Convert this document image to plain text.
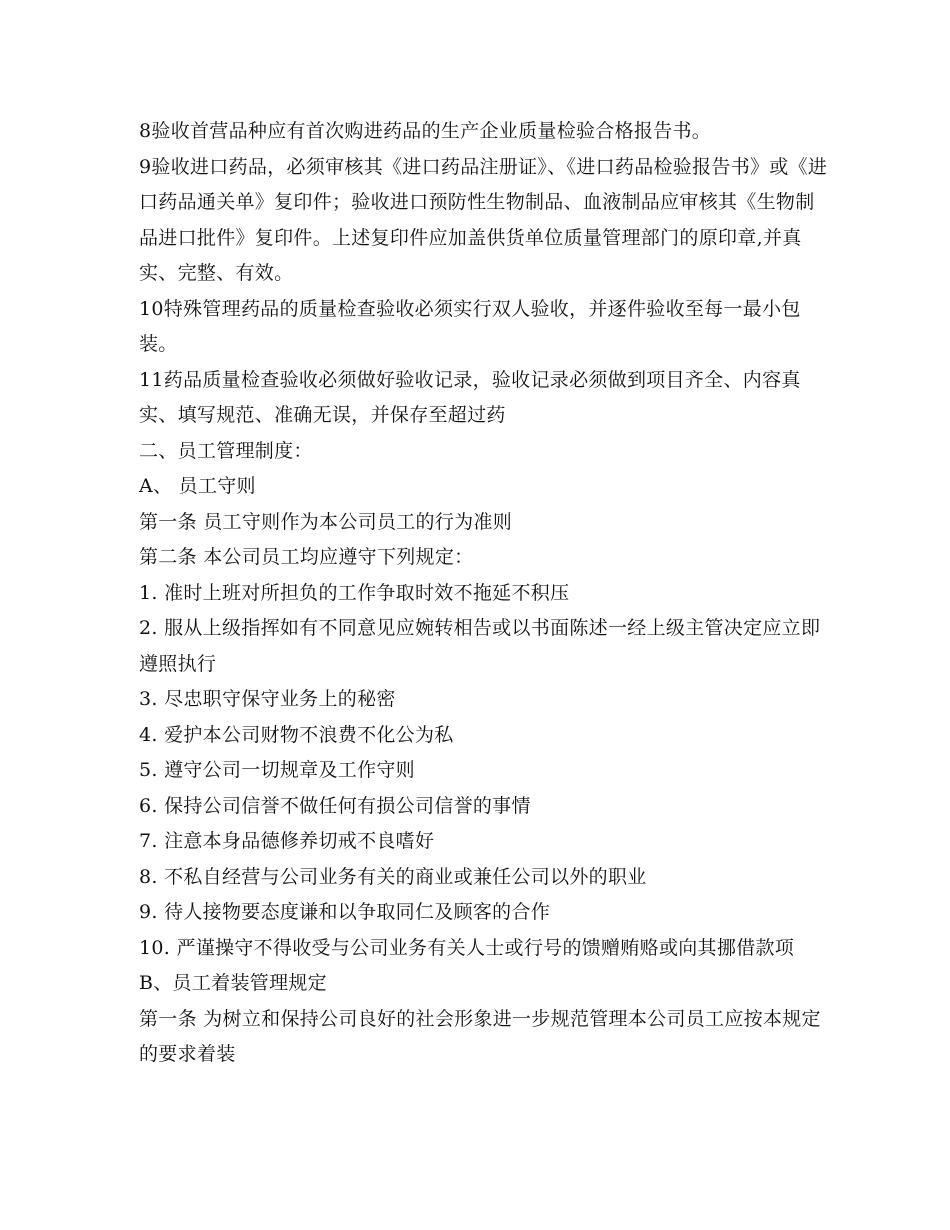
8验收首营品种应有首次购进药品的生产企业质量检验合格报告书。

9验收进口药品，必须审核其《进口药品注册证》、《进口药品检验报告书》或《进口药品通关单》复印件；验收进口预防性生物制品、血液制品应审核其《生物制品进口批件》复印件。上述复印件应加盖供货单位质量管理部门的原印章,并真实、完整、有效。

10特殊管理药品的质量检查验收必须实行双人验收，并逐件验收至每一最小包装。

11药品质量检查验收必须做好验收记录，验收记录必须做到项目齐全、内容真实、填写规范、准确无误，并保存至超过药

二、员工管理制度：

A、 员工守则

第一条 员工守则作为本公司员工的行为准则

第二条 本公司员工均应遵守下列规定：

1. 准时上班对所担负的工作争取时效不拖延不积压

2. 服从上级指挥如有不同意见应婉转相告或以书面陈述一经上级主管决定应立即遵照执行

3. 尽忠职守保守业务上的秘密

4. 爱护本公司财物不浪费不化公为私

5. 遵守公司一切规章及工作守则

6. 保持公司信誉不做任何有损公司信誉的事情

7. 注意本身品德修养切戒不良嗜好

8. 不私自经营与公司业务有关的商业或兼任公司以外的职业

9. 待人接物要态度谦和以争取同仁及顾客的合作

10. 严谨操守不得收受与公司业务有关人士或行号的馈赠贿赂或向其挪借款项

B、员工着装管理规定

第一条 为树立和保持公司良好的社会形象进一步规范管理本公司员工应按本规定的要求着装
